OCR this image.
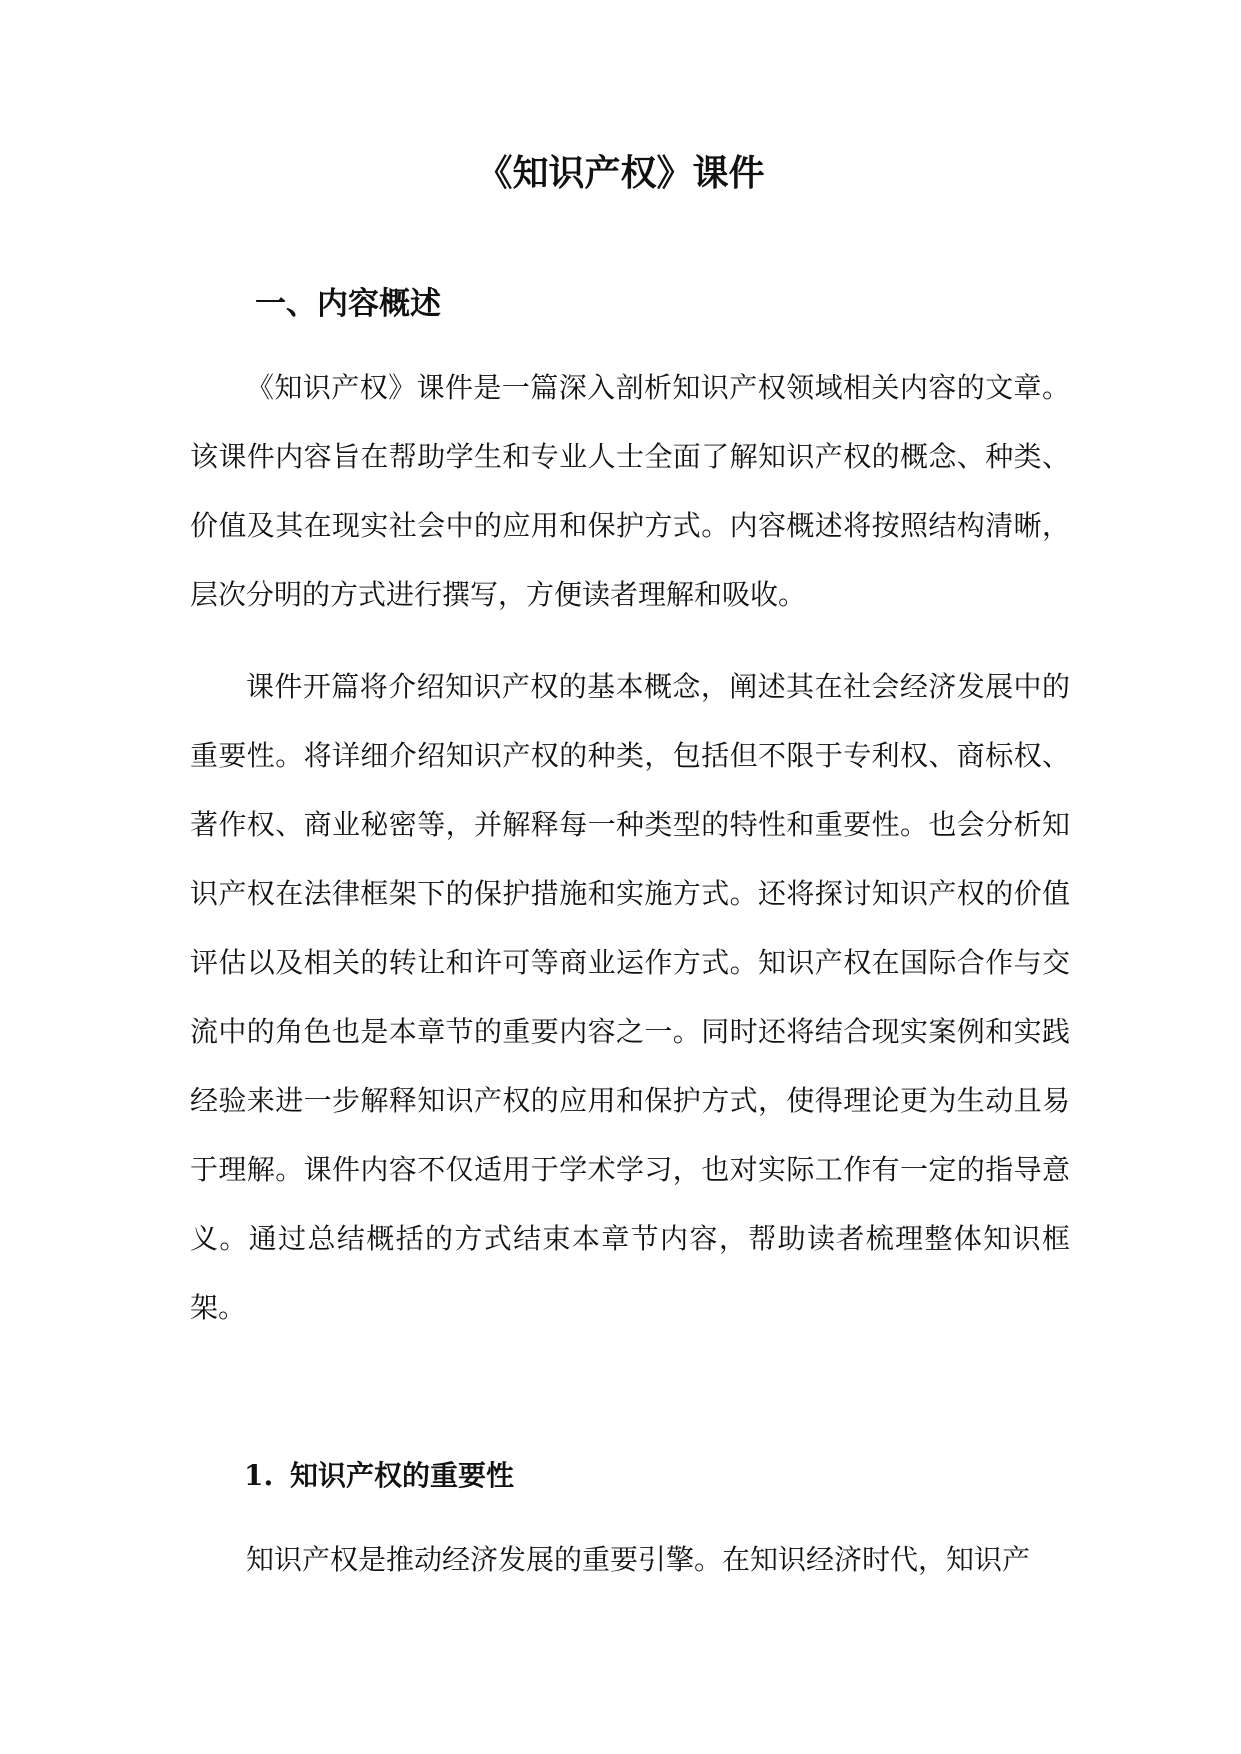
《知识产权》课件
一、内容概述

《知识产权》课件是一篇深入剖析知识产权领域相关内容的文章。该课件内容旨在帮助学生和专业人士全面了解知识产权的概念、种类、价值及其在现实社会中的应用和保护方式。内容概述将按照结构清晰，层次分明的方式进行撰写，方便读者理解和吸收。

课件开篇将介绍知识产权的基本概念，阐述其在社会经济发展中的重要性。将详细介绍知识产权的种类，包括但不限于专利权、商标权、著作权、商业秘密等，并解释每一种类型的特性和重要性。也会分析知识产权在法律框架下的保护措施和实施方式。还将探讨知识产权的价值评估以及相关的转让和许可等商业运作方式。知识产权在国际合作与交流中的角色也是本章节的重要内容之一。同时还将结合现实案例和实践经验来进一步解释知识产权的应用和保护方式，使得理论更为生动且易于理解。课件内容不仅适用于学术学习，也对实际工作有一定的指导意义。通过总结概括的方式结束本章节内容，帮助读者梳理整体知识框架。

1. 知识产权的重要性

知识产权是推动经济发展的重要引擎。在知识经济时代，知识产
